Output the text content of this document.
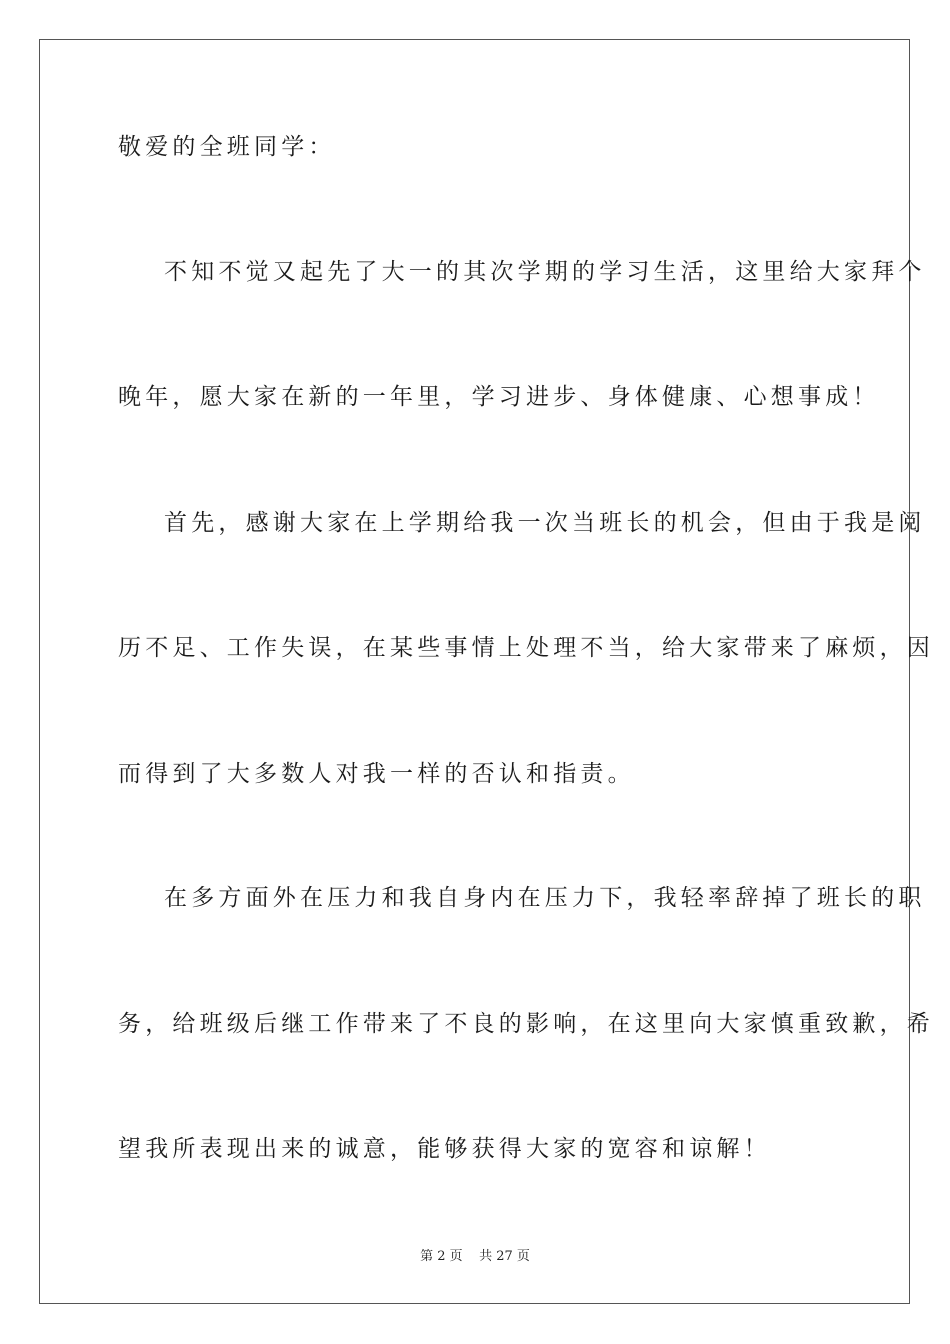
敬爱的全班同学：
不知不觉又起先了大一的其次学期的学习生活，这里给大家拜个
晚年，愿大家在新的一年里，学习进步、身体健康、心想事成！
首先，感谢大家在上学期给我一次当班长的机会，但由于我是阅
历不足、工作失误，在某些事情上处理不当，给大家带来了麻烦，因
而得到了大多数人对我一样的否认和指责。
在多方面外在压力和我自身内在压力下，我轻率辞掉了班长的职
务，给班级后继工作带来了不良的影响，在这里向大家慎重致歉，希
望我所表现出来的诚意，能够获得大家的宽容和谅解！
第 2 页    共 27 页
